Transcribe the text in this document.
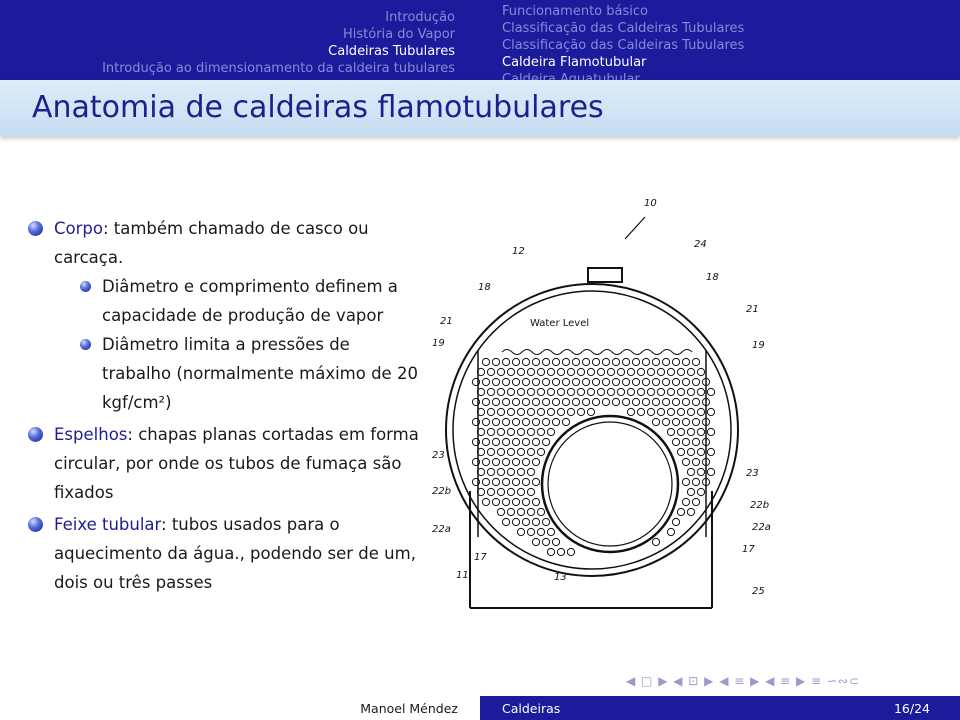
Introdução
História do Vapor
Caldeiras Tubulares
Introdução ao dimensionamento da caldeira tubulares
Funcionamento básico
Classificação das Caldeiras Tubulares
Classificação das Caldeiras Tubulares
Caldeira Flamotubular
Anatomia de caldeiras flamotubulares
Corpo: também chamado de casco ou carcaça.
Diâmetro e comprimento definem a capacidade de produção de vapor
Diâmetro limita a pressões de trabalho (normalmente máximo de 20 kgf/cm²)
Espelhos: chapas planas cortadas em forma circular, por onde os tubos de fumaça são fixados
Feixe tubular: tubos usados para o aquecimento da água., podendo ser de um, dois ou três passes
Water Level
10
12
24
18
18
21
21
19	19
23
23
22b
22b
22a	22a
17
17
11	13
25
◀ □ ▶ ◀ ⊡ ▶ ◀ ≡ ▶ ◀ ≡ ▶ ≡ ∽∾⊂
Manoel Méndez	Caldeiras	16/24
